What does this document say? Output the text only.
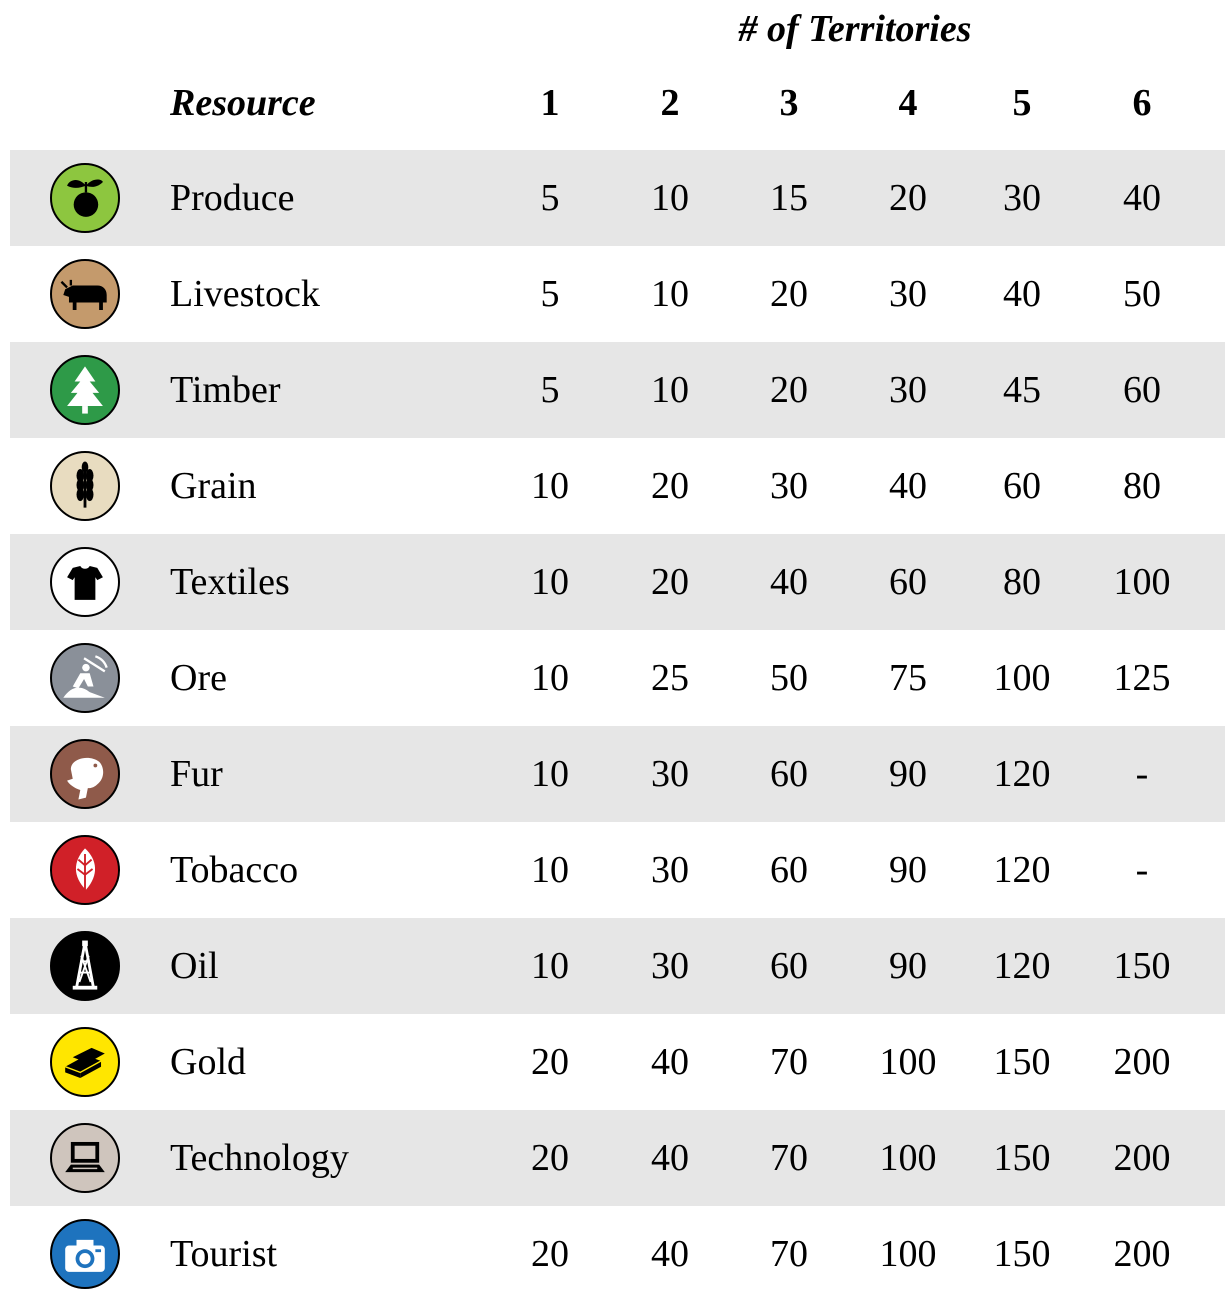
# of Territories
Resource	1	2	3	4	5	6
Produce	5	10	15	20	30	40
Livestock	5	10	20	30	40	50
Timber	5	10	20	30	45	60
Grain	10	20	30	40	60	80
Textiles	10	20	40	60	80	100
Ore	10	25	50	75	100	125
Fur	10	30	60	90	120	-
Tobacco	10	30	60	90	120	-
Oil	10	30	60	90	120	150
Gold	20	40	70	100	150	200
Technology	20	40	70	100	150	200
Tourist	20	40	70	100	150	200
